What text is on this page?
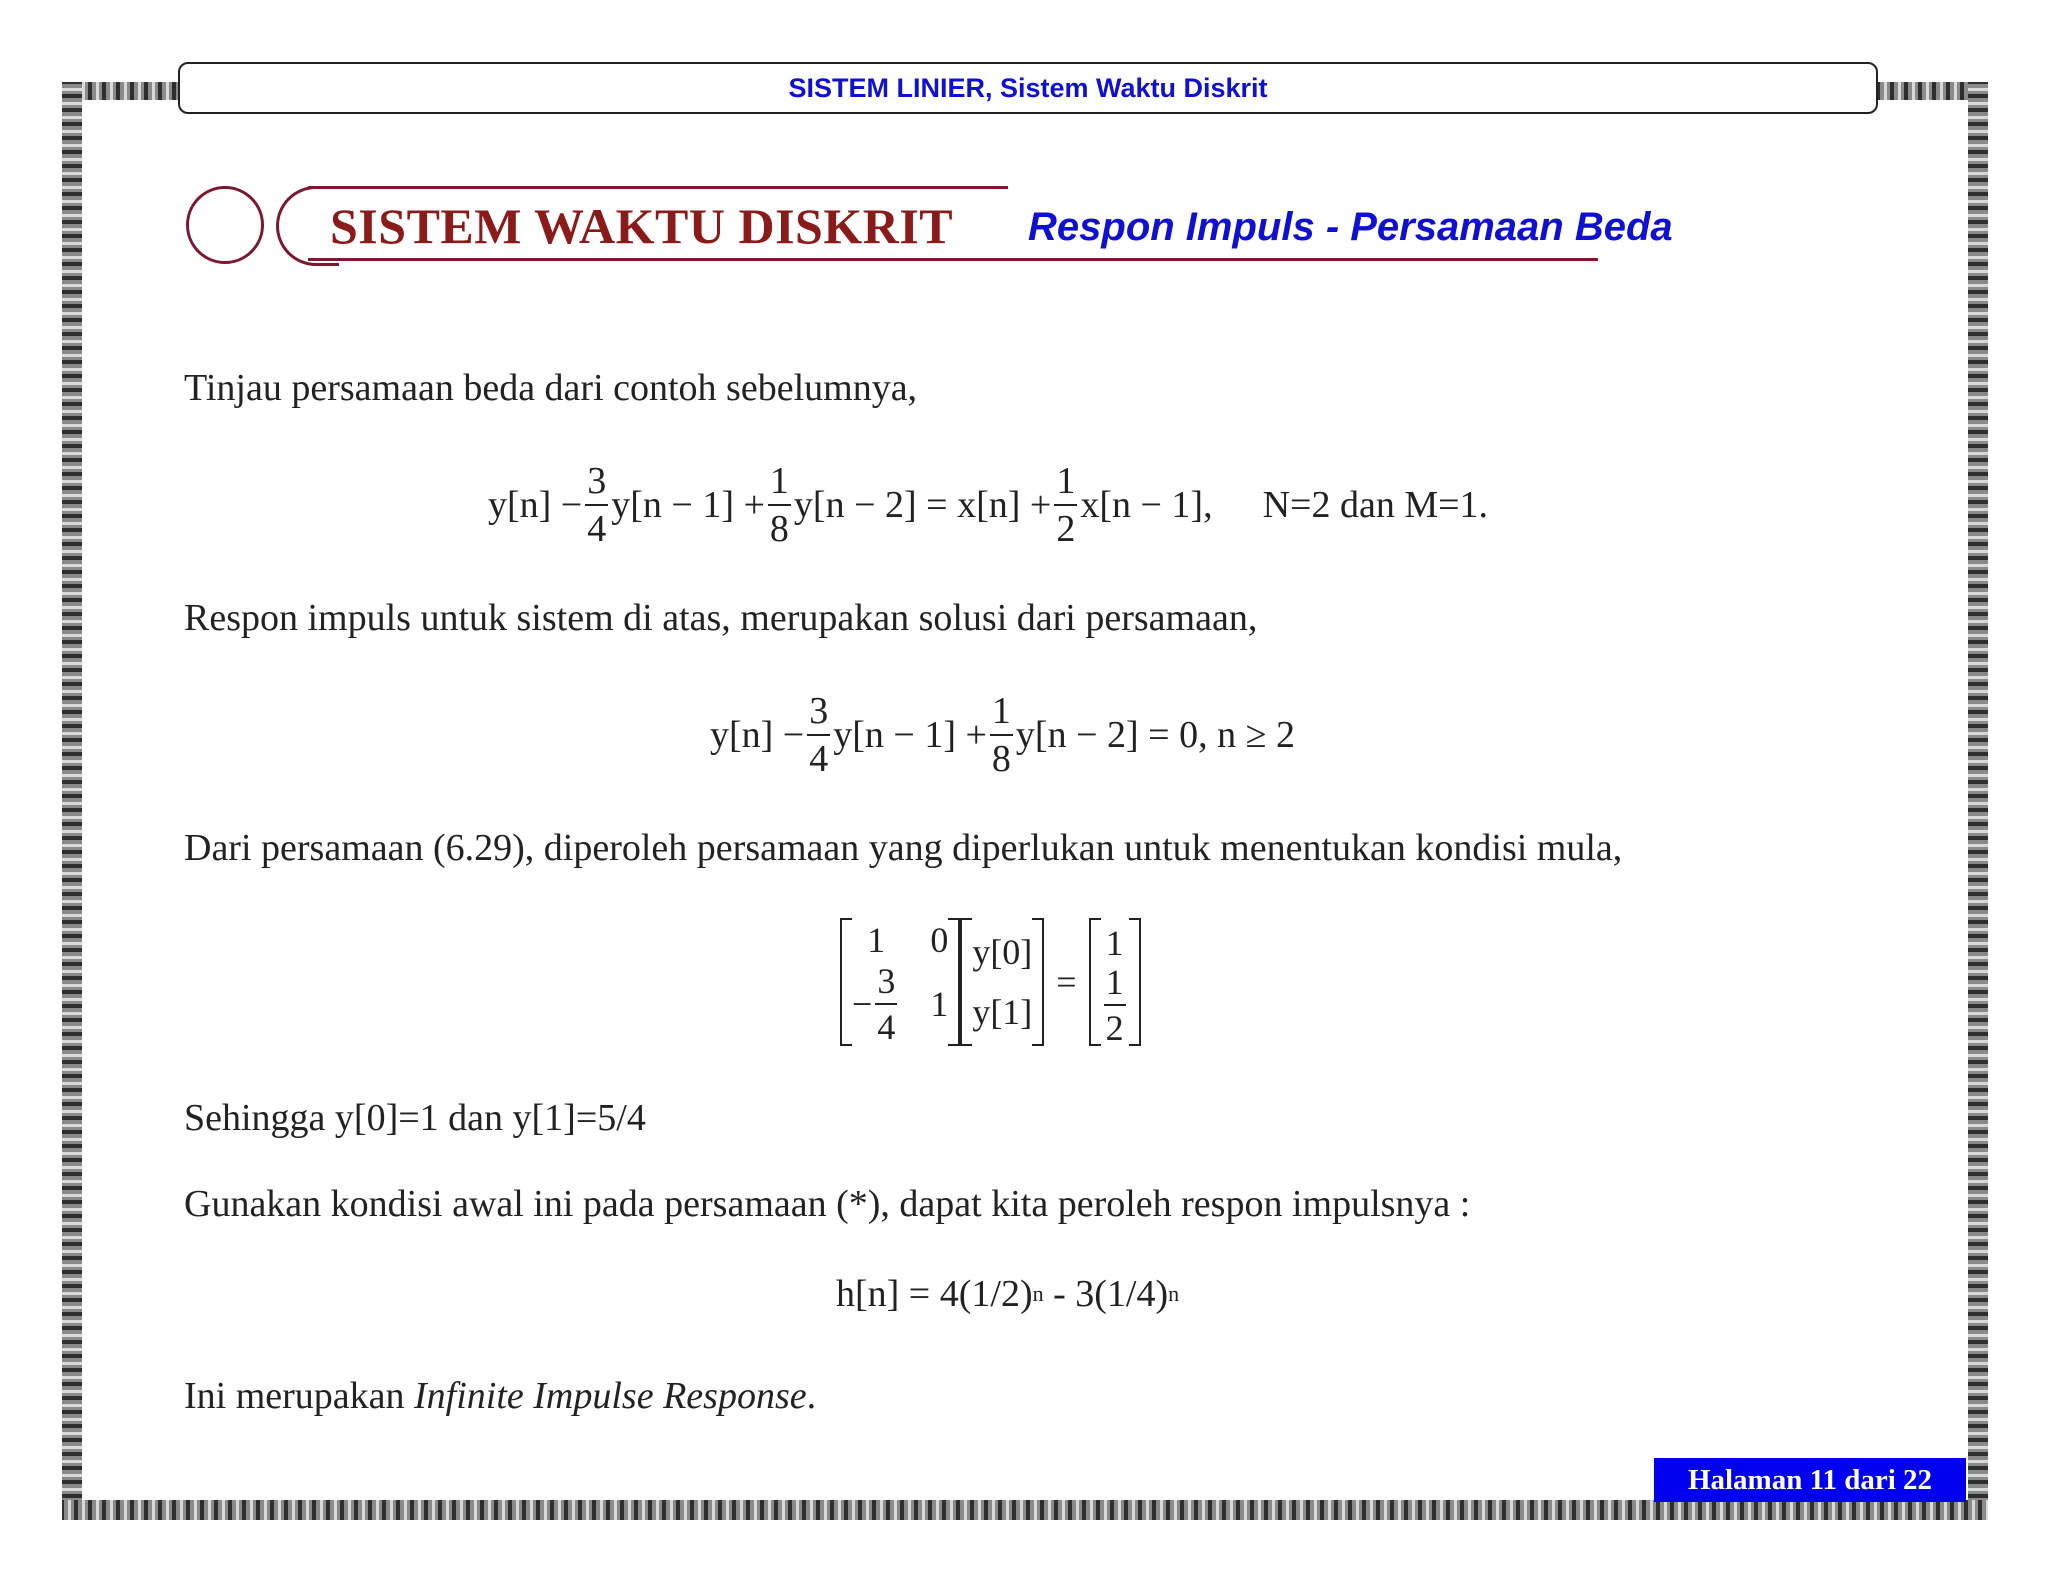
SISTEM LINIER, Sistem Waktu Diskrit
SISTEM WAKTU DISKRIT Respon Impuls - Persamaan Beda
Tinjau persamaan beda dari contoh sebelumnya,
$y[n] - \frac{3}{4} y[n - 1] + \frac{1}{8} y[n - 2] = x[n] + \frac{1}{2} x[n - 1]$, N=2 dan M=1.
Respon impuls untuk sistem di atas, merupakan solusi dari persamaan,
$y[n] - \frac{3}{4} y[n - 1] + \frac{1}{8} y[n - 2] = 0$, n ≥ 2
Dari persamaan (6.29), diperoleh persamaan yang diperlukan untuk menentukan kondisi mula,
1 0
− $\frac{3}{4} 1$
y[0]
y[1]
=
1
$\frac{1}{2}$
Sehingga y[0]=1 dan y[1]=5/4
Gunakan kondisi awal ini pada persamaan (*), dapat kita peroleh respon impulsnya :
h[n] = 4(1/2) n - 3(1/4) n
Ini merupakan Infinite Impulse Response.
Halaman 11 dari 22
